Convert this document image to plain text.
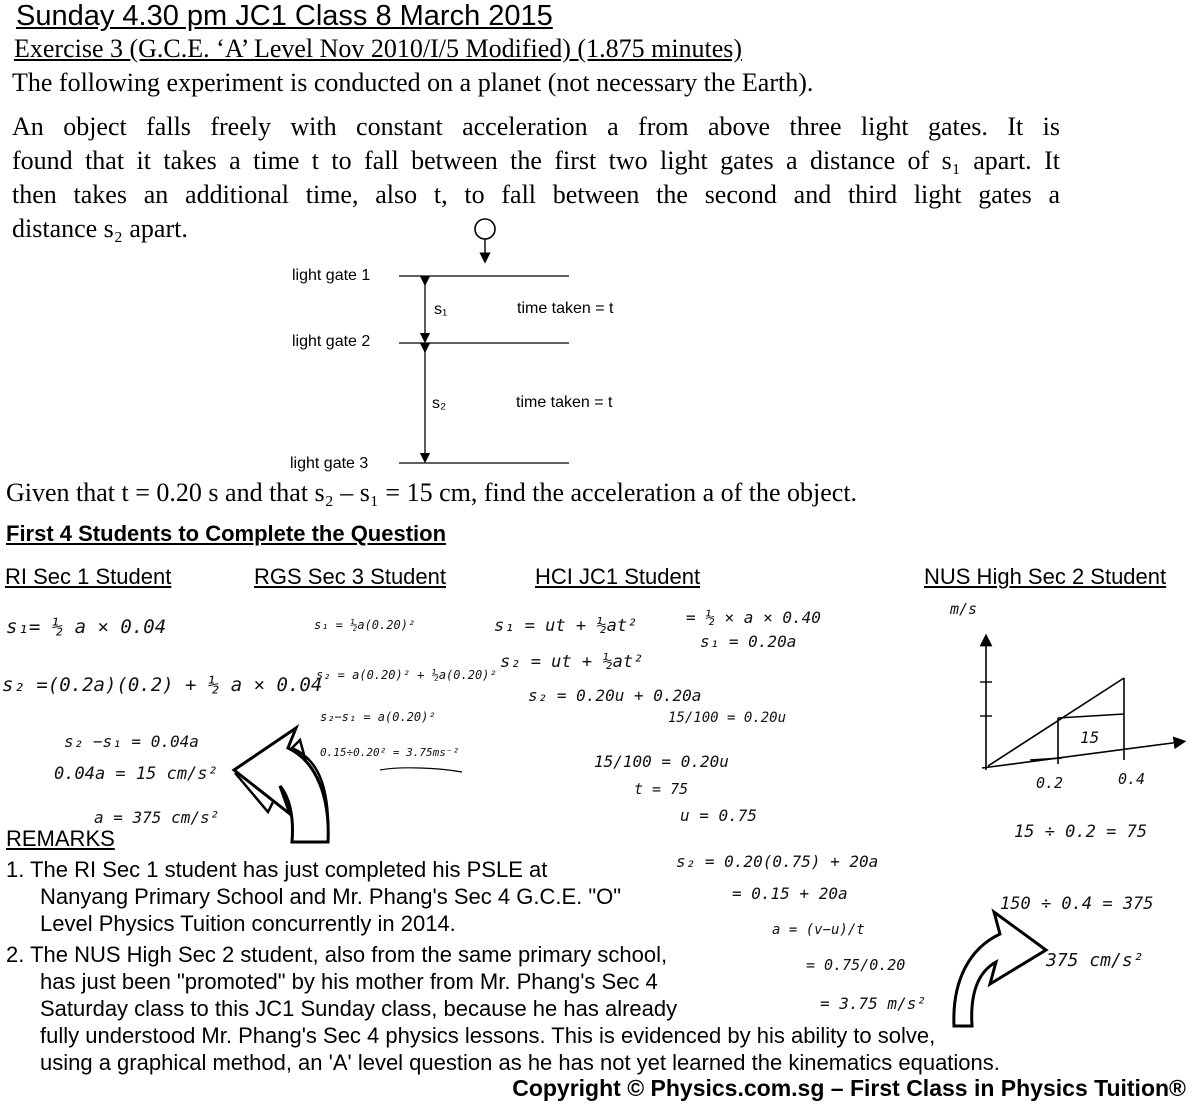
Sunday 4.30 pm JC1 Class 8 March 2015
Exercise 3 (G.C.E. ‘A’ Level Nov 2010/I/5 Modified) (1.875 minutes)
The following experiment is conducted on a planet (not necessary the Earth).
An object falls freely with constant acceleration a from above three light gates. It is
found that it takes a time t to fall between the first two light gates a distance of s₁ apart. It
then takes an additional time, also t, to fall between the second and third light gates a
distance s₂ apart.
light gate 1
light gate 2
light gate 3
s₁
s₂
time taken = t
time taken = t
Given that t = 0.20 s and that s₂ – s₁ = 15 cm, find the acceleration a of the object.
First 4 Students to Complete the Question
RI Sec 1 Student	RGS Sec 3 Student	HCI JC1 Student	NUS High Sec 2 Student
s₁= ½ a × 0.04
s₂ =(0.2a)(0.2) + ½ a × 0.04
s₂ −s₁ = 0.04a
0.04a = 15 cm/s²
a = 375 cm/s²
s₁ = ½a(0.20)²
s₂ = a(0.20)² + ½a(0.20)²
s₂−s₁ = a(0.20)²
0.15÷0.20² = 3.75ms⁻²
s₁ = ut + ½at²	= ½ × a × 0.40
s₁ = 0.20a
s₂ = ut + ½at²
s₂ = 0.20u + 0.20a
15/100 = 0.20u
15/100 = 0.20u
t = 75
u = 0.75
s₂ = 0.20(0.75) + 20a
= 0.15 + 20a
a = (v−u)/t
= 0.75/0.20
= 3.75 m/s²
m/s
15
0.2	0.4
15 ÷ 0.2 = 75
150 ÷ 0.4 = 375
375 cm/s²
REMARKS
1. The RI Sec 1 student has just completed his PSLE at
Nanyang Primary School and Mr. Phang's Sec 4 G.C.E. "O"
Level Physics Tuition concurrently in 2014.
2. The NUS High Sec 2 student, also from the same primary school,
has just been "promoted" by his mother from Mr. Phang's Sec 4
Saturday class to this JC1 Sunday class, because he has already
fully understood Mr. Phang's Sec 4 physics lessons. This is evidenced by his ability to solve,
using a graphical method, an 'A' level question as he has not yet learned the kinematics equations.
Copyright © Physics.com.sg – First Class in Physics Tuition®
